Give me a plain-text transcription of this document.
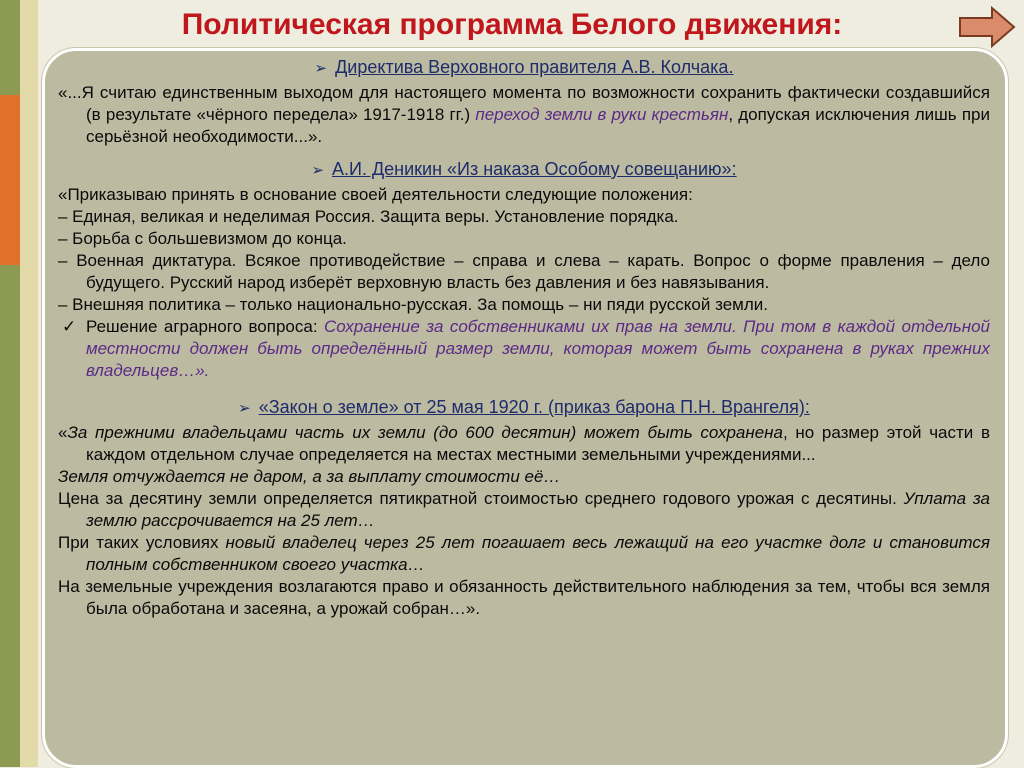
Политическая программа Белого движения:
➢ Директива Верховного правителя А.В. Колчака.

«...Я считаю единственным выходом для настоящего момента по возможности сохранить фактически создавшийся (в результате «чёрного передела» 1917-1918 гг.) переход земли в руки крестьян, допуская исключения лишь при серьёзной необходимости...».

➢ А.И. Деникин «Из наказа Особому совещанию»:

«Приказываю принять в основание своей деятельности следующие положения:

– Единая, великая и неделимая Россия. Защита веры. Установление порядка.

– Борьба с большевизмом до конца.

– Военная диктатура. Всякое противодействие – справа и слева – карать. Вопрос о форме правления – дело будущего. Русский народ изберёт верховную власть без давления и без навязывания.

– Внешняя политика – только национально-русская. За помощь – ни пяди русской земли.

✓ Решение аграрного вопроса: Сохранение за собственниками их прав на земли. При том в каждой отдельной местности должен быть определённый размер земли, которая может быть сохранена в руках прежних владельцев…».
➢ «Закон о земле» от 25 мая 1920 г. (приказ барона П.Н. Врангеля):

«За прежними владельцами часть их земли (до 600 десятин) может быть сохранена, но размер этой части в каждом отдельном случае определяется на местах местными земельными учреждениями...

Земля отчуждается не даром, а за выплату стоимости её…

Цена за десятину земли определяется пятикратной стоимостью среднего годового урожая с десятины. Уплата за землю рассрочивается на 25 лет…

При таких условиях новый владелец через 25 лет погашает весь лежащий на его участке долг и становится полным собственником своего участка…

На земельные учреждения возлагаются право и обязанность действительного наблюдения за тем, чтобы вся земля была обработана и засеяна, а урожай собран…».
